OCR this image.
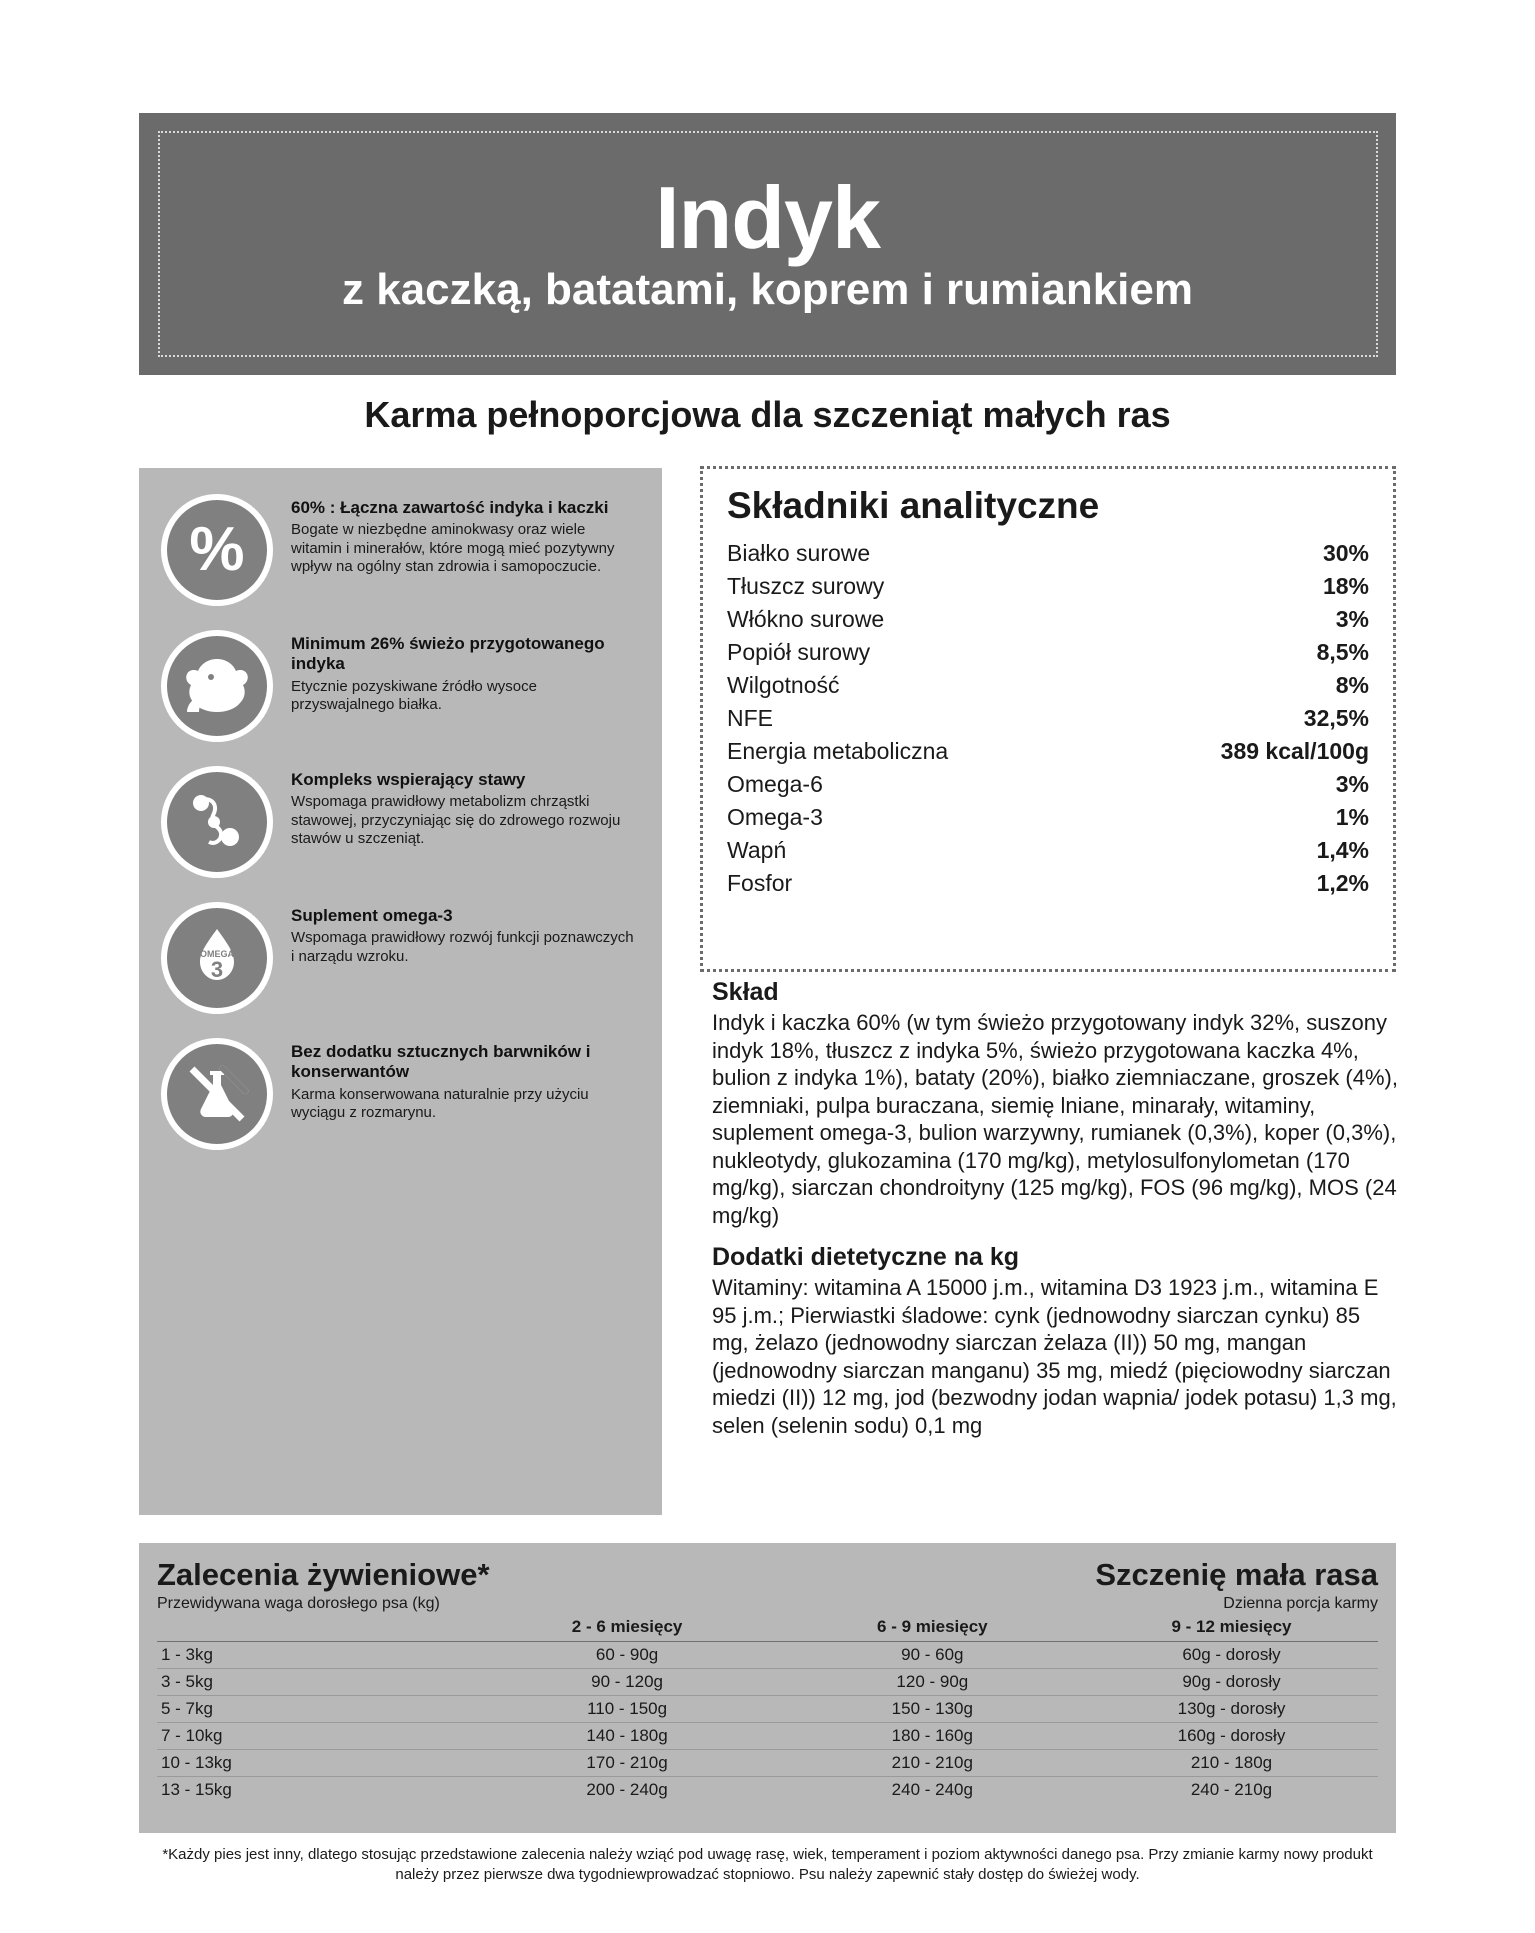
Indyk
z kaczką, batatami, koprem i rumiankiem
Karma pełnoporcjowa dla szczeniąt małych ras
%
60% : Łączna zawartość indyka i kaczki
Bogate w niezbędne aminokwasy oraz wiele witamin i minerałów, które mogą mieć pozytywny wpływ na ogólny stan zdrowia i samopoczucie.
Minimum 26% świeżo przygotowanego indyka
Etycznie pozyskiwane źródło wysoce przyswajalnego białka.
Kompleks wspierający stawy
Wspomaga prawidłowy metabolizm chrząstki stawowej, przyczyniając się do zdrowego rozwoju stawów u szczeniąt.
OMEGA
3
Suplement omega-3
Wspomaga prawidłowy rozwój funkcji poznawczych i narządu wzroku.
Bez dodatku sztucznych barwników i konserwantów
Karma konserwowana naturalnie przy użyciu wyciągu z rozmarynu.
Składniki analityczne
Białko surowe	30%
Tłuszcz surowy	18%
Włókno surowe	3%
Popiół surowy	8,5%
Wilgotność	8%
NFE	32,5%
Energia metaboliczna	389 kcal/100g
Omega-6	3%
Omega-3	1%
Wapń	1,4%
Fosfor	1,2%
Skład

Indyk i kaczka 60% (w tym świeżo przygotowany indyk 32%, suszony indyk 18%, tłuszcz z indyka 5%, świeżo przygotowana kaczka 4%, bulion z indyka 1%), bataty (20%), białko ziemniaczane, groszek (4%), ziemniaki, pulpa buraczana, siemię lniane, minarały, witaminy, suplement omega-3, bulion warzywny, rumianek (0,3%), koper (0,3%), nukleotydy, glukozamina (170 mg/kg), metylosulfonylometan (170 mg/kg), siarczan chondroityny (125 mg/kg), FOS (96 mg/kg), MOS (24 mg/kg)

Dodatki dietetyczne na kg

Witaminy: witamina A 15000 j.m., witamina D3 1923 j.m., witamina E 95 j.m.; Pierwiastki śladowe: cynk (jednowodny siarczan cynku) 85 mg, żelazo (jednowodny siarczan żelaza (II)) 50 mg, mangan (jednowodny siarczan manganu) 35 mg, miedź (pięciowodny siarczan miedzi (II)) 12 mg, jod (bezwodny jodan wapnia/ jodek potasu) 1,3 mg, selen (selenin sodu) 0,1 mg

Zalecenia żywieniowe*
Przewidywana waga dorosłego psa (kg)
Szczenię mała rasa
Dzienna porcja karmy
	2 - 6 miesięcy	6 - 9 miesięcy	9 - 12 miesięcy
1 - 3kg	60 - 90g	90 - 60g	60g - dorosły
3 - 5kg	90 - 120g	120 - 90g	90g - dorosły
5 - 7kg	110 - 150g	150 - 130g	130g - dorosły
7 - 10kg	140 - 180g	180 - 160g	160g - dorosły
10 - 13kg	170 - 210g	210 - 210g	210 - 180g
13 - 15kg	200 - 240g	240 - 240g	240 - 210g
*Każdy pies jest inny, dlatego stosując przedstawione zalecenia należy wziąć pod uwagę rasę, wiek, temperament i poziom aktywności danego psa. Przy zmianie karmy nowy produkt należy przez pierwsze dwa tygodniewprowadzać stopniowo. Psu należy zapewnić stały dostęp do świeżej wody.
